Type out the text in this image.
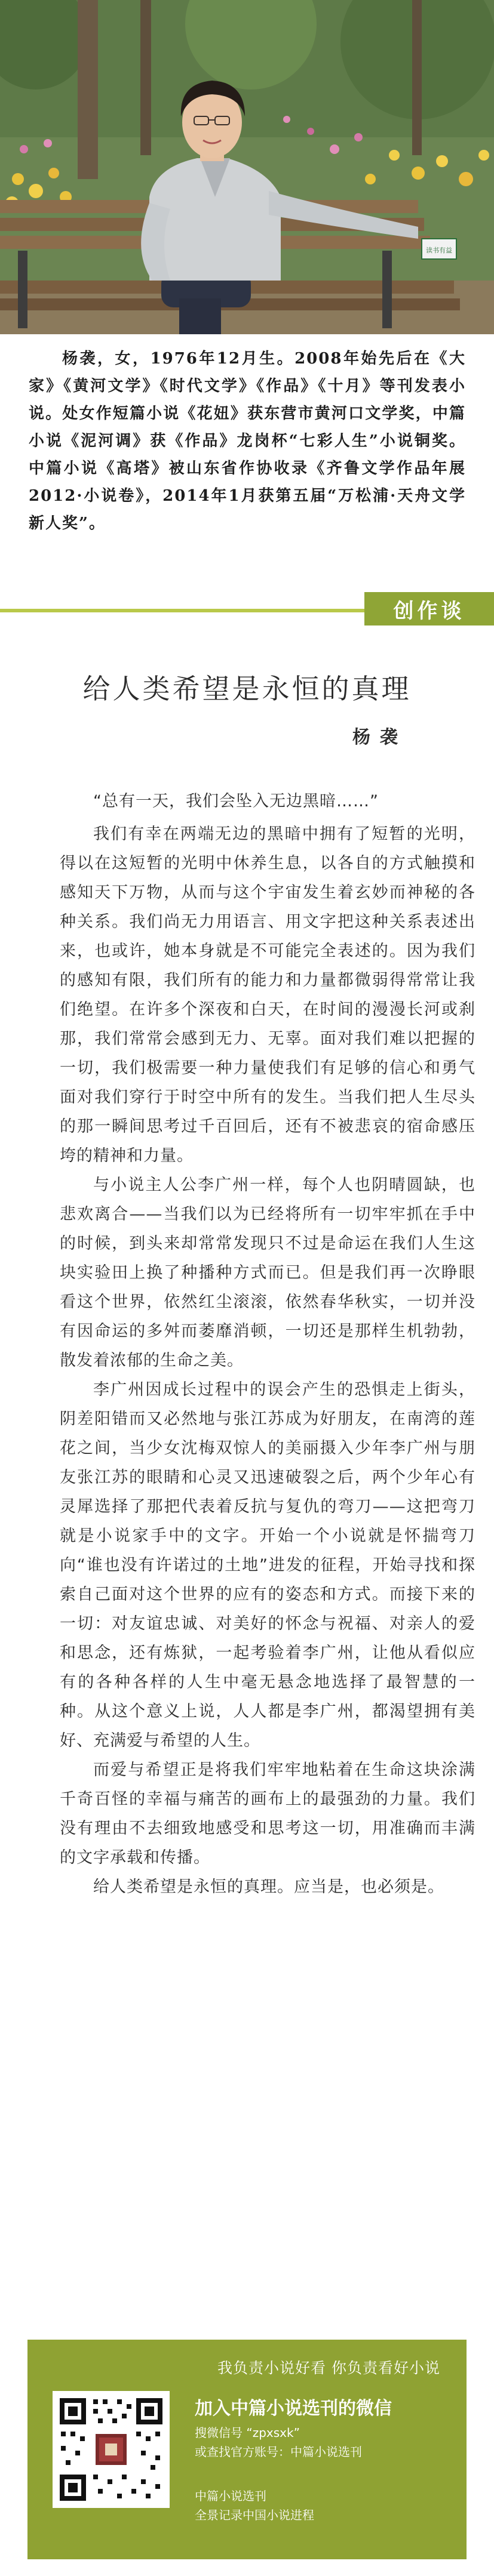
读书有益
杨袭，女，1976年12月生。2008年始先后在《大家》《黄河文学》《时代文学》《作品》《十月》等刊发表小说。处女作短篇小说《花妞》获东营市黄河口文学奖，中篇小说《泥河调》获《作品》龙岗杯“七彩人生”小说铜奖。中篇小说《高塔》被山东省作协收录《齐鲁文学作品年展2012·小说卷》，2014年1月获第五届“万松浦·天舟文学新人奖”。
创作谈
给人类希望是永恒的真理
杨袭

“总有一天，我们会坠入无边黑暗……”

我们有幸在两端无边的黑暗中拥有了短暂的光明，得以在这短暂的光明中休养生息，以各自的方式触摸和感知天下万物，从而与这个宇宙发生着玄妙而神秘的各种关系。我们尚无力用语言、用文字把这种关系表述出来，也或许，她本身就是不可能完全表述的。因为我们的感知有限，我们所有的能力和力量都微弱得常常让我们绝望。在许多个深夜和白天，在时间的漫漫长河或刹那，我们常常会感到无力、无辜。面对我们难以把握的一切，我们极需要一种力量使我们有足够的信心和勇气面对我们穿行于时空中所有的发生。当我们把人生尽头的那一瞬间思考过千百回后，还有不被悲哀的宿命感压垮的精神和力量。

与小说主人公李广州一样，每个人也阴晴圆缺，也悲欢离合——当我们以为已经将所有一切牢牢抓在手中的时候，到头来却常常发现只不过是命运在我们人生这块实验田上换了种播种方式而已。但是我们再一次睁眼看这个世界，依然红尘滚滚，依然春华秋实，一切并没有因命运的多舛而萎靡消顿，一切还是那样生机勃勃，散发着浓郁的生命之美。

李广州因成长过程中的误会产生的恐惧走上街头，阴差阳错而又必然地与张江苏成为好朋友，在南湾的莲花之间，当少女沈梅双惊人的美丽摄入少年李广州与朋友张江苏的眼睛和心灵又迅速破裂之后，两个少年心有灵犀选择了那把代表着反抗与复仇的弯刀——这把弯刀就是小说家手中的文字。开始一个小说就是怀揣弯刀向“谁也没有许诺过的土地”进发的征程，开始寻找和探索自己面对这个世界的应有的姿态和方式。而接下来的一切：对友谊忠诚、对美好的怀念与祝福、对亲人的爱和思念，还有炼狱，一起考验着李广州，让他从看似应有的各种各样的人生中毫无悬念地选择了最智慧的一种。从这个意义上说，人人都是李广州，都渴望拥有美好、充满爱与希望的人生。

而爱与希望正是将我们牢牢地粘着在生命这块涂满千奇百怪的幸福与痛苦的画布上的最强劲的力量。我们没有理由不去细致地感受和思考这一切，用准确而丰满的文字承载和传播。

给人类希望是永恒的真理。应当是，也必须是。

我负责小说好看 你负责看好小说
加入中篇小说选刊的微信
搜微信号 “zpxsxk”
或查找官方账号：中篇小说选刊
中篇小说选刊
全景记录中国小说进程
